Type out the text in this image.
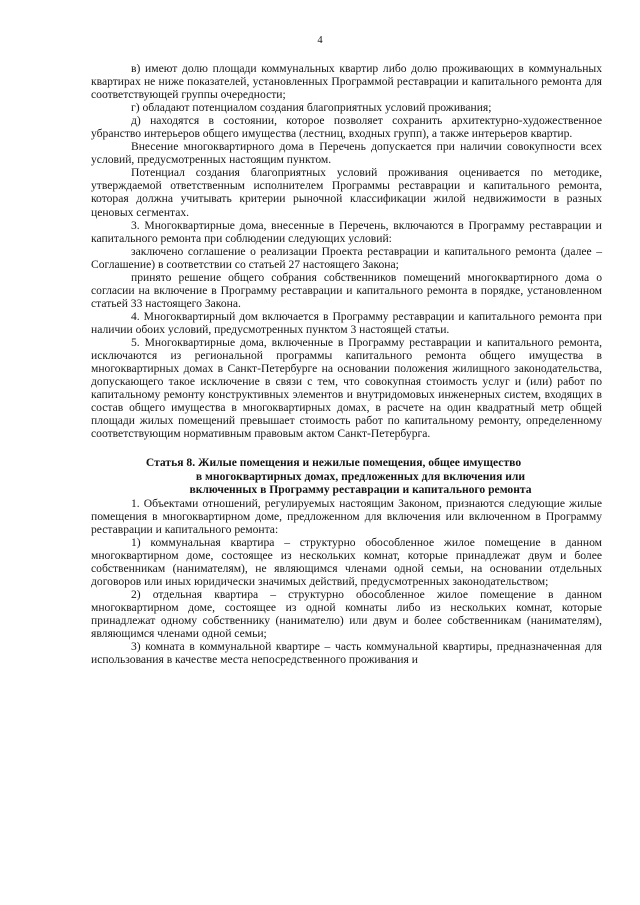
4

в) имеют долю площади коммунальных квартир либо долю проживающих в коммунальных квартирах не ниже показателей, установленных Программой реставрации и капитального ремонта для соответствующей группы очередности;

г) обладают потенциалом создания благоприятных условий проживания;

д) находятся в состоянии, которое позволяет сохранить архитектурно-художественное убранство интерьеров общего имущества (лестниц, входных групп), а также интерьеров квартир.

Внесение многоквартирного дома в Перечень допускается при наличии совокупности всех условий, предусмотренных настоящим пунктом.

Потенциал создания благоприятных условий проживания оценивается по методике, утверждаемой ответственным исполнителем Программы реставрации и капитального ремонта, которая должна учитывать критерии рыночной классификации жилой недвижимости в разных ценовых сегментах.

3. Многоквартирные дома, внесенные в Перечень, включаются в Программу реставрации и капитального ремонта при соблюдении следующих условий:

заключено соглашение о реализации Проекта реставрации и капитального ремонта (далее – Соглашение) в соответствии со статьей 27 настоящего Закона;

принято решение общего собрания собственников помещений многоквартирного дома о согласии на включение в Программу реставрации и капитального ремонта в порядке, установленном статьей 33 настоящего Закона.

4. Многоквартирный дом включается в Программу реставрации и капитального ремонта при наличии обоих условий, предусмотренных пунктом 3 настоящей статьи.

5. Многоквартирные дома, включенные в Программу реставрации и капитального ремонта, исключаются из региональной программы капитального ремонта общего имущества в многоквартирных домах в Санкт-Петербурге на основании положения жилищного законодательства, допускающего такое исключение в связи с тем, что совокупная стоимость услуг и (или) работ по капитальному ремонту конструктивных элементов и внутридомовых инженерных систем, входящих в состав общего имущества в многоквартирных домах, в расчете на один квадратный метр общей площади жилых помещений превышает стоимость работ по капитальному ремонту, определенному соответствующим нормативным правовым актом Санкт-Петербурга.

Статья 8. Жилые помещения и нежилые помещения, общее имущество
в многоквартирных домах, предложенных для включения или
включенных в Программу реставрации и капитального ремонта

1. Объектами отношений, регулируемых настоящим Законом, признаются следующие жилые помещения в многоквартирном доме, предложенном для включения или включенном в Программу реставрации и капитального ремонта:

1) коммунальная квартира – структурно обособленное жилое помещение в данном многоквартирном доме, состоящее из нескольких комнат, которые принадлежат двум и более собственникам (нанимателям), не являющимся членами одной семьи, на основании отдельных договоров или иных юридически значимых действий, предусмотренных законодательством;

2) отдельная квартира – структурно обособленное жилое помещение в данном многоквартирном доме, состоящее из одной комнаты либо из нескольких комнат, которые принадлежат одному собственнику (нанимателю) или двум и более собственникам (нанимателям), являющимся членами одной семьи;

3) комната в коммунальной квартире – часть коммунальной квартиры, предназначенная для использования в качестве места непосредственного проживания и
